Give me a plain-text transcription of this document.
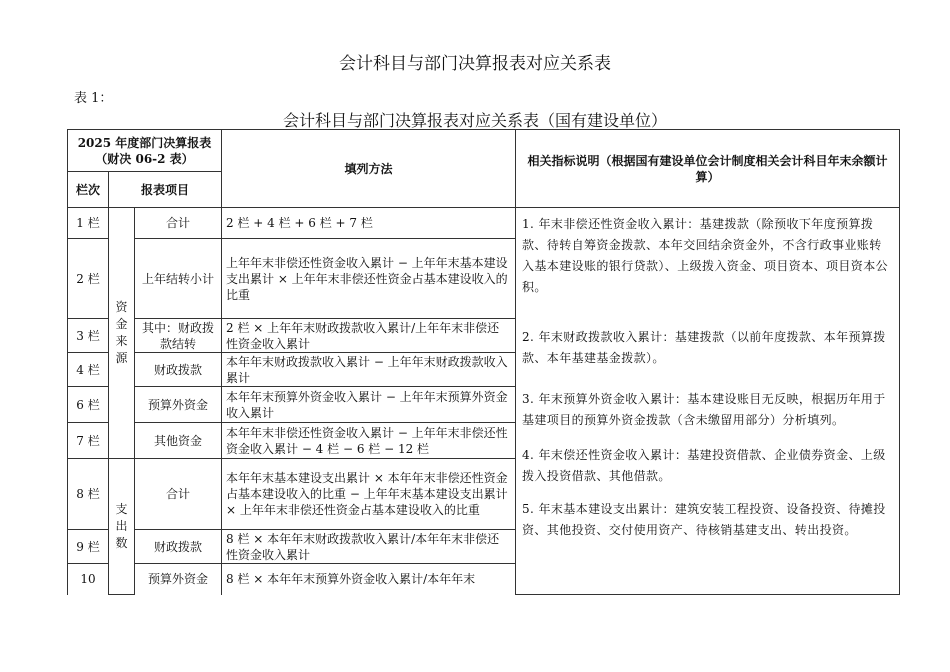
会计科目与部门决算报表对应关系表
表 1：
会计科目与部门决算报表对应关系表（国有建设单位）
2025 年度部门决算报表（财决 06-2 表）			填列方法	相关指标说明（根据国有建设单位会计制度相关会计科目年末余额计算）
栏次	报表项目			
1 栏	资金来源	合计	2 栏 + 4 栏 + 6 栏 + 7 栏	1. 年末非偿还性资金收入累计：基建拨款（除预收下年度预算拨款、待转自筹资金拨款、本年交回结余资金外，不含行政事业账转入基本建设账的银行贷款）、上级拨入资金、项目资本、项目资本公积。
2. 年末财政拨款收入累计：基建拨款（以前年度拨款、本年预算拨款、本年基建基金拨款）。
3. 年末预算外资金收入累计：基本建设账目无反映，根据历年用于基建项目的预算外资金拨款（含未缴留用部分）分析填列。
4. 年末偿还性资金收入累计：基建投资借款、企业债券资金、上级拨入投资借款、其他借款。
5. 年末基本建设支出累计：建筑安装工程投资、设备投资、待摊投资、其他投资、交付使用资产、待核销基建支出、转出投资。

2 栏		上年结转小计	上年年末非偿还性资金收入累计 − 上年年末基本建设支出累计 × 上年年末非偿还性资金占基本建设收入的比重	
3 栏		其中：财政拨款结转	2 栏 × 上年年末财政拨款收入累计/上年年末非偿还性资金收入累计	
4 栏		财政拨款	本年年末财政拨款收入累计 − 上年年末财政拨款收入累计	
6 栏		预算外资金	本年年末预算外资金收入累计 − 上年年末预算外资金收入累计	
7 栏		其他资金	本年年末非偿还性资金收入累计 − 上年年末非偿还性资金收入累计 − 4 栏 − 6 栏 − 12 栏	
8 栏	支出数	合计	本年年末基本建设支出累计 × 本年年末非偿还性资金占基本建设收入的比重 − 上年年末基本建设支出累计 × 上年年末非偿还性资金占基本建设收入的比重	
9 栏		财政拨款	8 栏 × 本年年末财政拨款收入累计/本年年末非偿还性资金收入累计	
10		预算外资金	8 栏 × 本年年末预算外资金收入累计/本年年末	
